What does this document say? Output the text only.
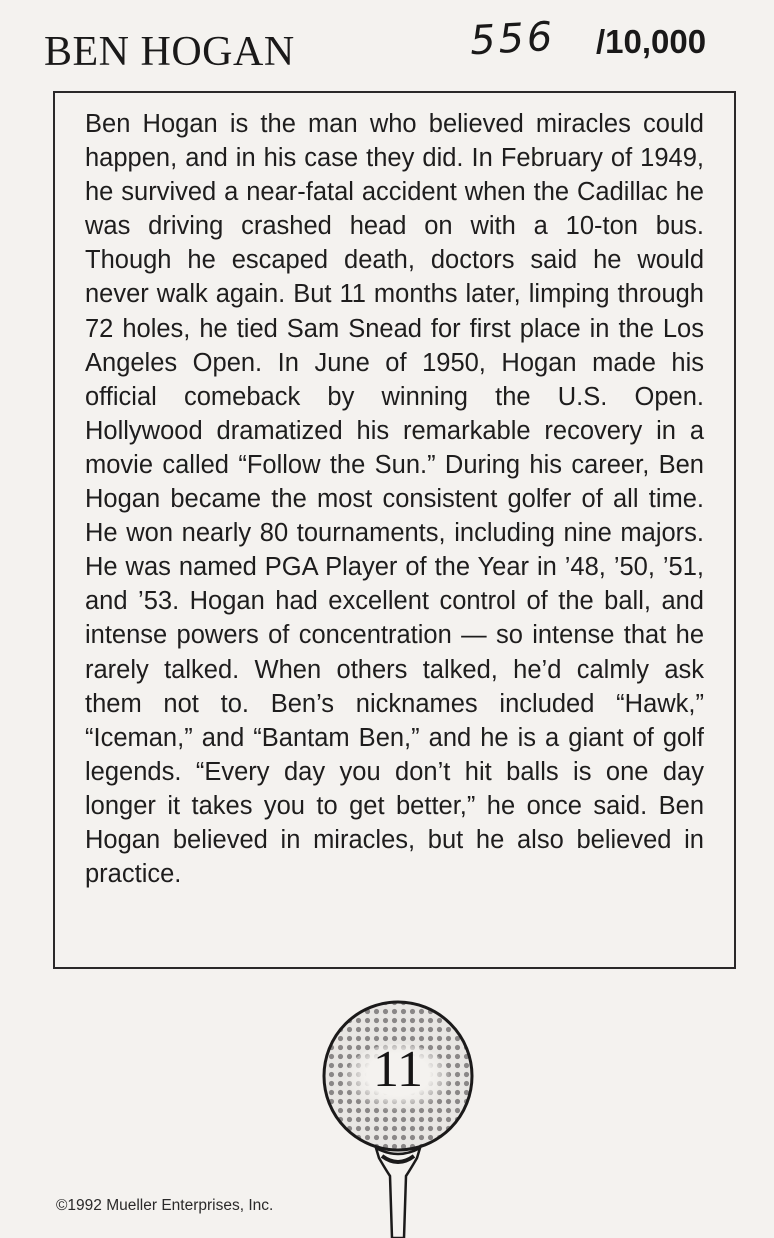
BEN HOGAN	556 /10,000

Ben Hogan is the man who believed miracles could happen, and in his case they did. In February of 1949, he survived a near-fatal accident when the Cadillac he was driving crashed head on with a 10-ton bus. Though he escaped death, doctors said he would never walk again. But 11 months later, limping through 72 holes, he tied Sam Snead for first place in the Los Angeles Open. In June of 1950, Hogan made his official comeback by winning the U.S. Open. Hollywood dramatized his remarkable recovery in a movie called “Follow the Sun.” During his career, Ben Hogan became the most consistent golfer of all time. He won nearly 80 tournaments, including nine majors. He was named PGA Player of the Year in ’48, ’50, ’51, and ’53. Hogan had excellent control of the ball, and intense powers of concentration — so intense that he rarely talked. When others talked, he’d calmly ask them not to. Ben’s nicknames included “Hawk,” “Iceman,” and “Bantam Ben,” and he is a giant of golf legends. “Every day you don’t hit balls is one day longer it takes you to get better,” he once said. Ben Hogan believed in miracles, but he also believed in practice.

11
©1992 Mueller Enterprises, Inc.
